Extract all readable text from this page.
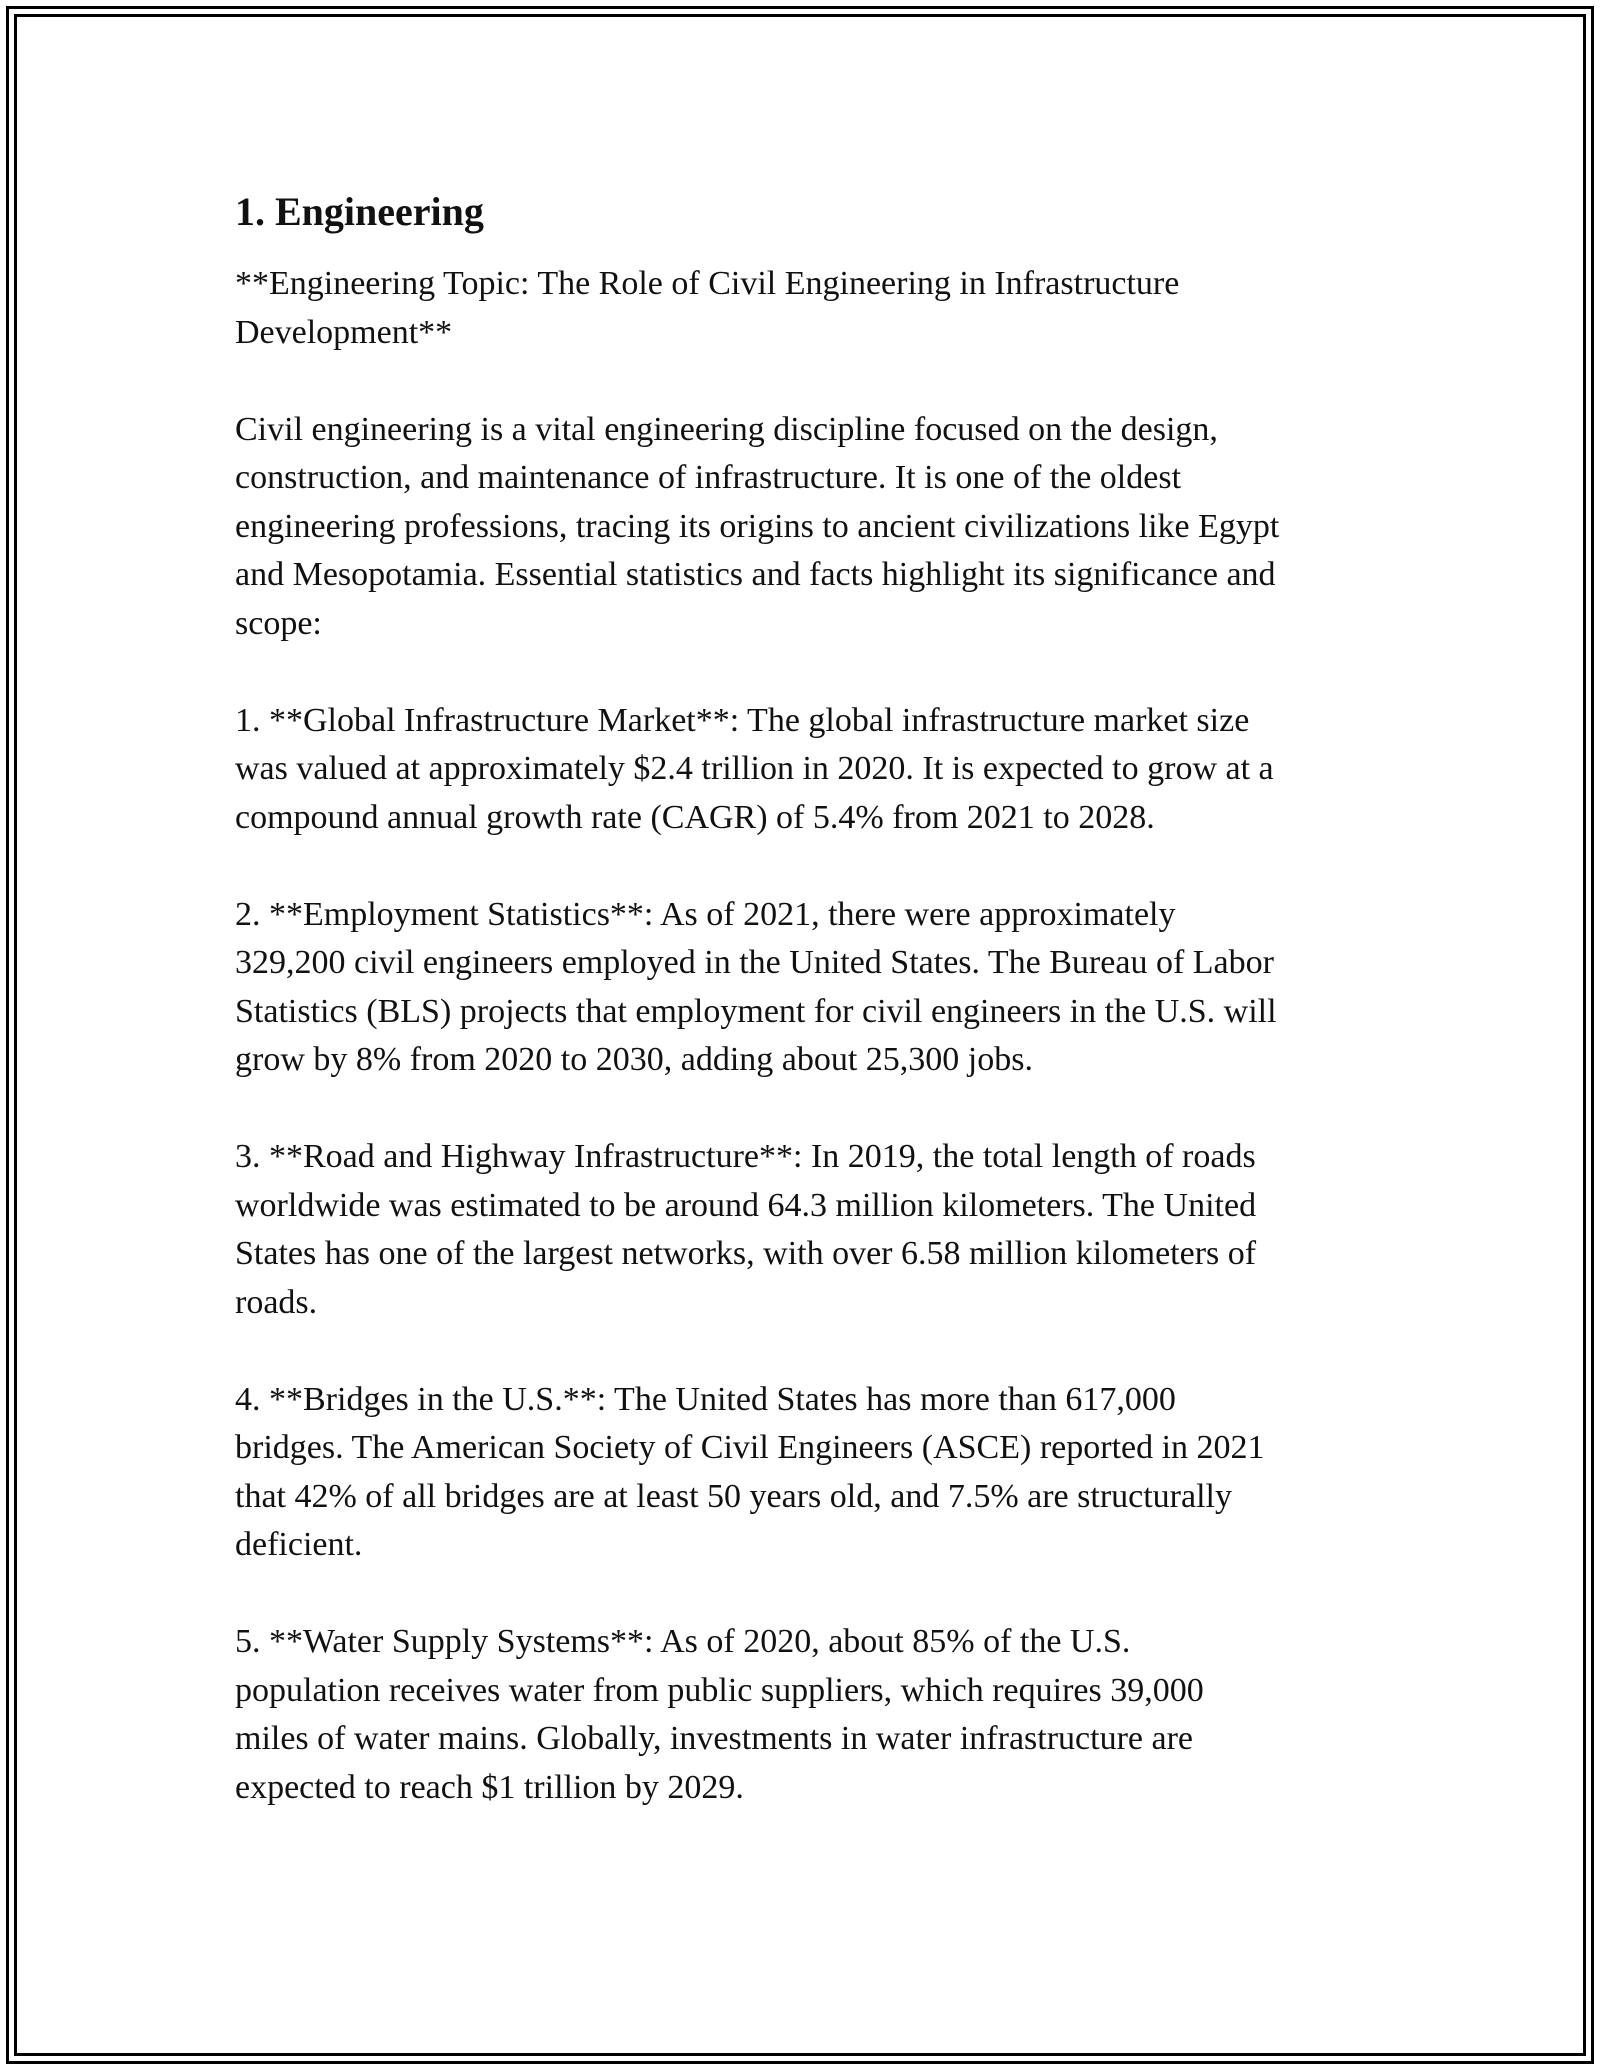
1. Engineering

**Engineering Topic: The Role of Civil Engineering in Infrastructure
Development**

Civil engineering is a vital engineering discipline focused on the design,
construction, and maintenance of infrastructure. It is one of the oldest
engineering professions, tracing its origins to ancient civilizations like Egypt
and Mesopotamia. Essential statistics and facts highlight its significance and
scope:

1. **Global Infrastructure Market**: The global infrastructure market size
was valued at approximately $2.4 trillion in 2020. It is expected to grow at a
compound annual growth rate (CAGR) of 5.4% from 2021 to 2028.

2. **Employment Statistics**: As of 2021, there were approximately
329,200 civil engineers employed in the United States. The Bureau of Labor
Statistics (BLS) projects that employment for civil engineers in the U.S. will
grow by 8% from 2020 to 2030, adding about 25,300 jobs.

3. **Road and Highway Infrastructure**: In 2019, the total length of roads
worldwide was estimated to be around 64.3 million kilometers. The United
States has one of the largest networks, with over 6.58 million kilometers of
roads.

4. **Bridges in the U.S.**: The United States has more than 617,000
bridges. The American Society of Civil Engineers (ASCE) reported in 2021
that 42% of all bridges are at least 50 years old, and 7.5% are structurally
deficient.

5. **Water Supply Systems**: As of 2020, about 85% of the U.S.
population receives water from public suppliers, which requires 39,000
miles of water mains. Globally, investments in water infrastructure are
expected to reach $1 trillion by 2029.
